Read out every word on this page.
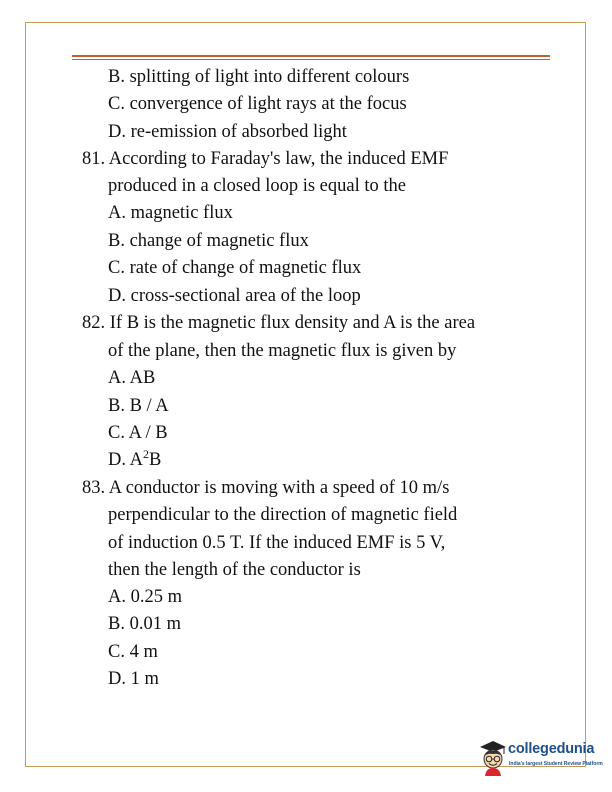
B. splitting of light into different colours
C. convergence of light rays at the focus
D. re-emission of absorbed light
81. According to Faraday's law, the induced EMF
produced in a closed loop is equal to the
A. magnetic flux
B. change of magnetic flux
C. rate of change of magnetic flux
D. cross-sectional area of the loop
82. If B is the magnetic flux density and A is the area
of the plane, then the magnetic flux is given by
A. AB
B. B / A
C. A / B
D. $A^2B$
83. A conductor is moving with a speed of 10 m/s
perpendicular to the direction of magnetic field
of induction 0.5 T. If the induced EMF is 5 V,
then the length of the conductor is
A. 0.25 m
B. 0.01 m
C. 4 m
D. 1 m
collegedunia
India's largest Student Review Platform
